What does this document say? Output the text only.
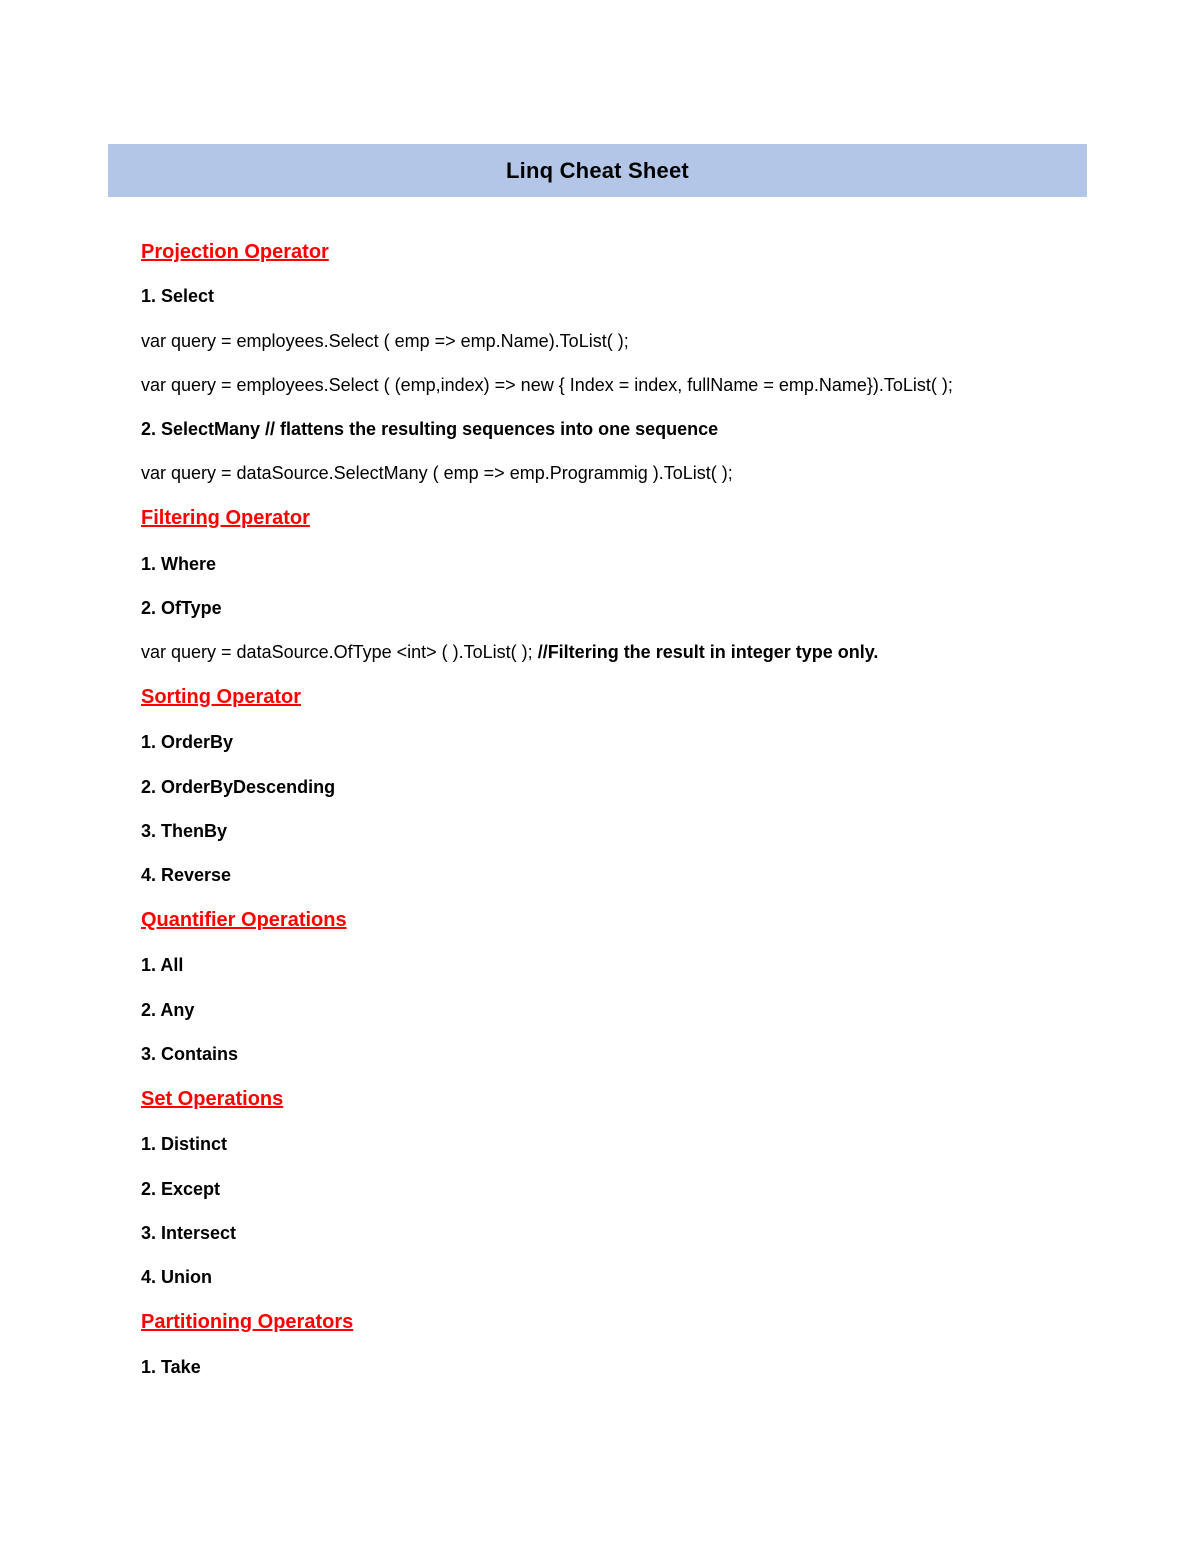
Linq Cheat Sheet
Projection Operator
1. Select
var query = employees.Select ( emp => emp.Name).ToList( );
var query = employees.Select ( (emp,index) => new { Index = index, fullName = emp.Name}).ToList( );
2. SelectMany // flattens the resulting sequences into one sequence
var query = dataSource.SelectMany ( emp => emp.Programmig ).ToList( );
Filtering Operator
1. Where
2. OfType
var query = dataSource.OfType <int> ( ).ToList( ); //Filtering the result in integer type only.
Sorting Operator
1. OrderBy
2. OrderByDescending
3. ThenBy
4. Reverse
Quantifier Operations
1. All
2. Any
3. Contains
Set Operations
1. Distinct
2. Except
3. Intersect
4. Union
Partitioning Operators
1. Take
